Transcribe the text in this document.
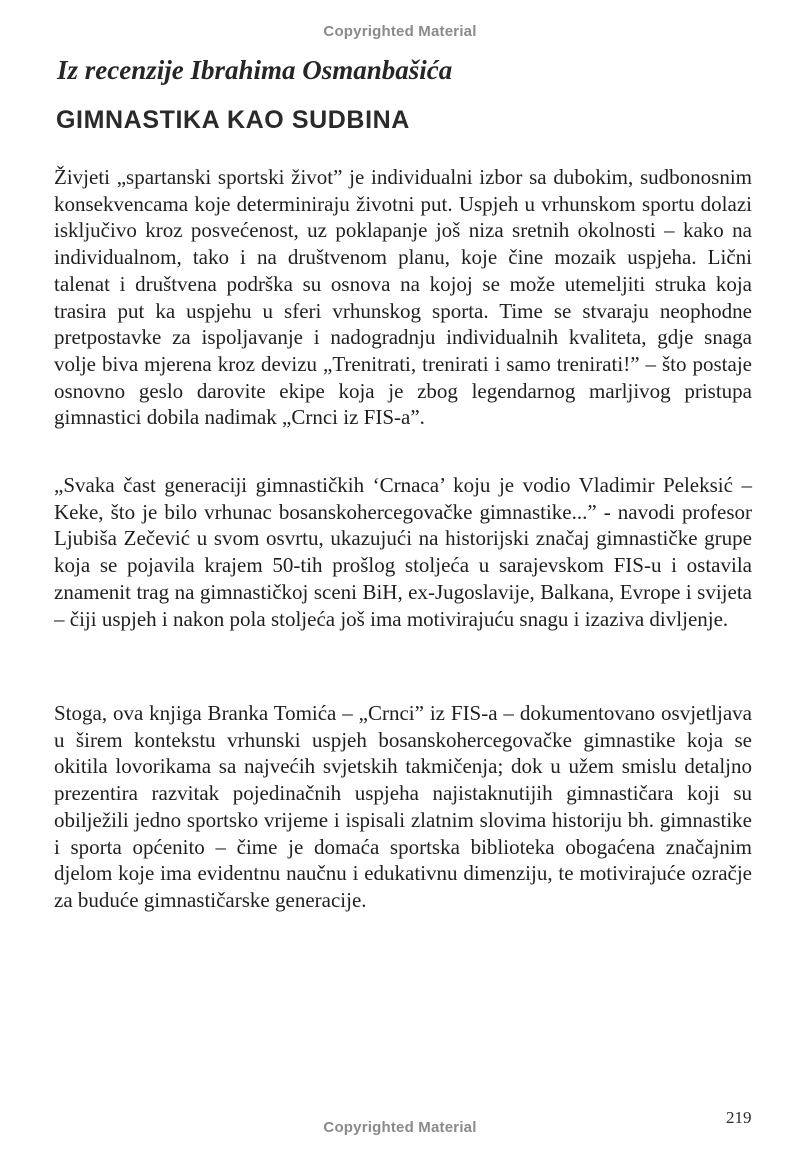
Copyrighted Material
Iz recenzije Ibrahima Osmanbašića
GIMNASTIKA KAO SUDBINA

Živjeti „spartanski sportski život” je individualni izbor sa dubokim, sudbonosnim konsekvencama koje determiniraju životni put. Uspjeh u vrhunskom sportu dolazi isključivo kroz posvećenost, uz poklapanje još niza sretnih okolnosti – kako na individualnom, tako i na društvenom planu, koje čine mozaik uspjeha. Lični talenat i društvena podrška su osnova na kojoj se može utemeljiti struka koja trasira put ka uspjehu u sferi vrhunskog sporta. Time se stvaraju neophodne pretpostavke za ispoljavanje i nadogradnju individualnih kvaliteta, gdje snaga volje biva mjerena kroz devizu „Trenitrati, trenirati i samo trenirati!” – što postaje osnovno geslo darovite ekipe koja je zbog legendarnog marljivog pristupa gimnastici dobila nadimak „Crnci iz FIS-a”.

„Svaka čast generaciji gimnastičkih ‘Crnaca’ koju je vodio Vladimir Peleksić – Keke, što je bilo vrhunac bosanskohercegovačke gimnastike...” - navodi profesor Ljubiša Zečević u svom osvrtu, ukazujući na historijski značaj gimnastičke grupe koja se pojavila krajem 50-tih prošlog stoljeća u sarajevskom FIS-u i ostavila znamenit trag na gimnastičkoj sceni BiH, ex-Jugoslavije, Balkana, Evrope i svijeta – čiji uspjeh i nakon pola stoljeća još ima motivirajuću snagu i izaziva divljenje.

Stoga, ova knjiga Branka Tomića – „Crnci” iz FIS-a – dokumentovano osvjetljava u širem kontekstu vrhunski uspjeh bosanskohercegovačke gimnastike koja se okitila lovorikama sa najvećih svjetskih takmičenja; dok u užem smislu detaljno prezentira razvitak pojedinačnih uspjeha najistaknutijih gimnastičara koji su obilježili jedno sportsko vrijeme i ispisali zlatnim slovima historiju bh. gimnastike i sporta općenito – čime je domaća sportska biblioteka obogaćena značajnim djelom koje ima evidentnu naučnu i edukativnu dimenziju, te motivirajuće ozračje za buduće gimnastičarske generacije.

219
Copyrighted Material
